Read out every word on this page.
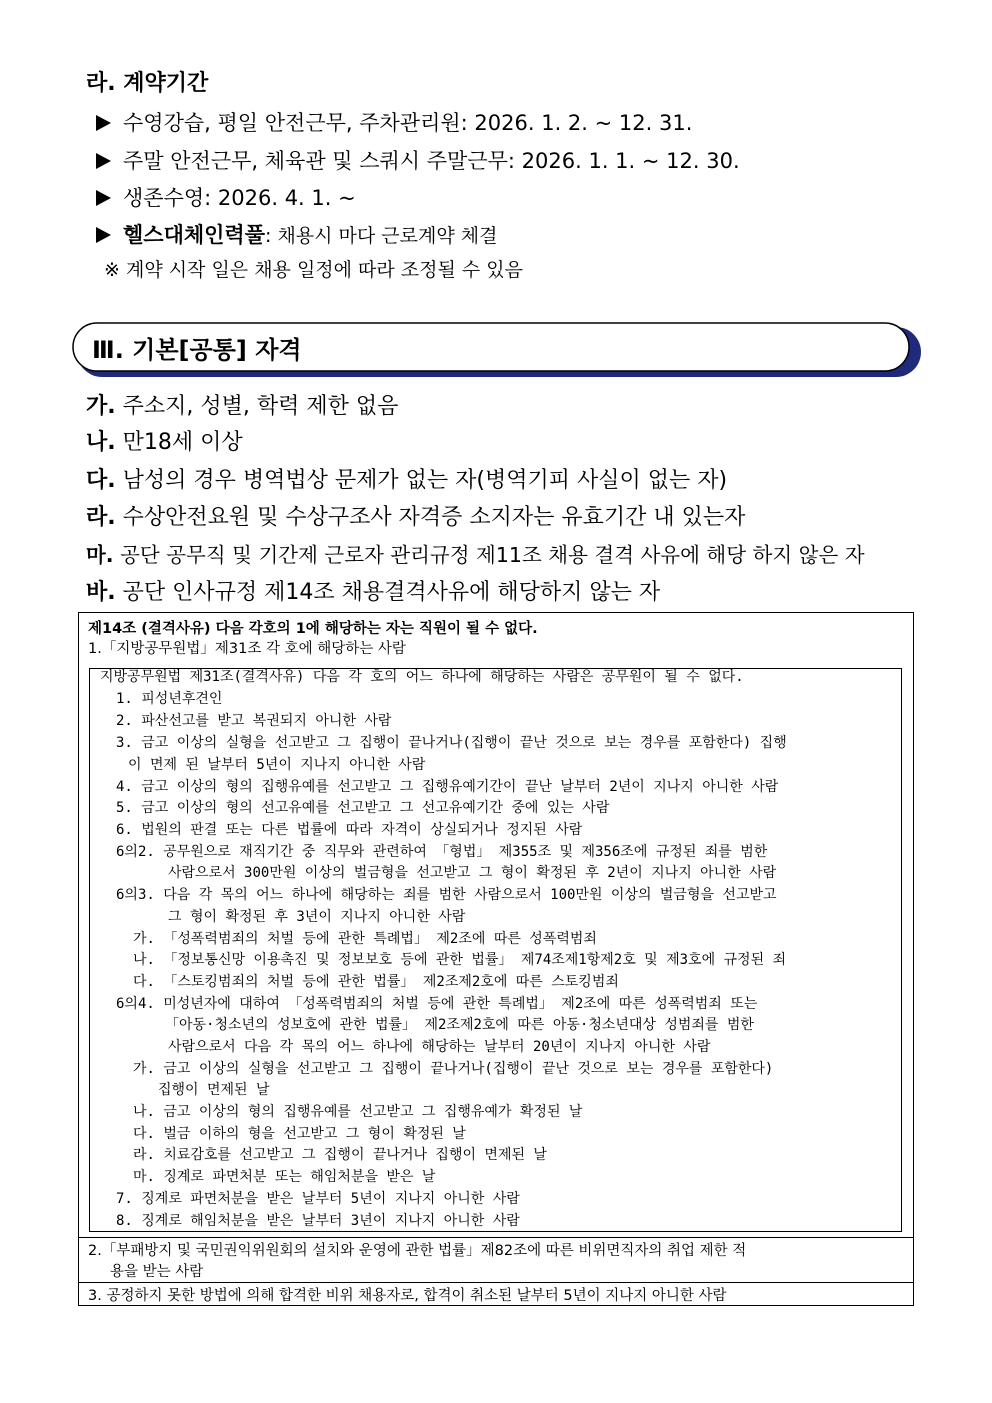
라. 계약기간
수영강습, 평일 안전근무, 주차관리원: 2026. 1. 2. ~ 12. 31.
주말 안전근무, 체육관 및 스쿼시 주말근무: 2026. 1. 1. ~ 12. 30.
생존수영: 2026. 4. 1. ~
헬스대체인력풀: 채용시 마다 근로계약 체결
※ 계약 시작 일은 채용 일정에 따라 조정될 수 있음
Ⅲ. 기본[공통] 자격
가. 주소지, 성별, 학력 제한 없음
나. 만18세 이상
다. 남성의 경우 병역법상 문제가 없는 자(병역기피 사실이 없는 자)
라. 수상안전요원 및 수상구조사 자격증 소지자는 유효기간 내 있는자
마. 공단 공무직 및 기간제 근로자 관리규정 제11조 채용 결격 사유에 해당 하지 않은 자
바. 공단 인사규정 제14조 채용결격사유에 해당하지 않는 자
제14조 (결격사유) 다음 각호의 1에 해당하는 자는 직원이 될 수 없다.
1.「지방공무원법」제31조 각 호에 해당하는 사람
지방공무원법 제31조(결격사유) 다음 각 호의 어느 하나에 해당하는 사람은 공무원이 될 수 없다.
1. 피성년후견인
2. 파산선고를 받고 복권되지 아니한 사람
3. 금고 이상의 실형을 선고받고 그 집행이 끝나거나(집행이 끝난 것으로 보는 경우를 포함한다) 집행
이 면제 된 날부터 5년이 지나지 아니한 사람
4. 금고 이상의 형의 집행유예를 선고받고 그 집행유예기간이 끝난 날부터 2년이 지나지 아니한 사람
5. 금고 이상의 형의 선고유예를 선고받고 그 선고유예기간 중에 있는 사람
6. 법원의 판결 또는 다른 법률에 따라 자격이 상실되거나 정지된 사람
6의2. 공무원으로 재직기간 중 직무와 관련하여 「형법」 제355조 및 제356조에 규정된 죄를 범한
사람으로서 300만원 이상의 벌금형을 선고받고 그 형이 확정된 후 2년이 지나지 아니한 사람
6의3. 다음 각 목의 어느 하나에 해당하는 죄를 범한 사람으로서 100만원 이상의 벌금형을 선고받고
그 형이 확정된 후 3년이 지나지 아니한 사람
가. 「성폭력범죄의 처벌 등에 관한 특례법」 제2조에 따른 성폭력범죄
나. 「정보통신망 이용촉진 및 정보보호 등에 관한 법률」 제74조제1항제2호 및 제3호에 규정된 죄
다. 「스토킹범죄의 처벌 등에 관한 법률」 제2조제2호에 따른 스토킹범죄
6의4. 미성년자에 대하여 「성폭력범죄의 처벌 등에 관한 특례법」 제2조에 따른 성폭력범죄 또는
「아동·청소년의 성보호에 관한 법률」 제2조제2호에 따른 아동·청소년대상 성범죄를 범한
사람으로서 다음 각 목의 어느 하나에 해당하는 날부터 20년이 지나지 아니한 사람
가. 금고 이상의 실형을 선고받고 그 집행이 끝나거나(집행이 끝난 것으로 보는 경우를 포함한다)
집행이 면제된 날
나. 금고 이상의 형의 집행유예를 선고받고 그 집행유예가 확정된 날
다. 벌금 이하의 형을 선고받고 그 형이 확정된 날
라. 치료감호를 선고받고 그 집행이 끝나거나 집행이 면제된 날
마. 징계로 파면처분 또는 해임처분을 받은 날
7. 징계로 파면처분을 받은 날부터 5년이 지나지 아니한 사람
8. 징계로 해임처분을 받은 날부터 3년이 지나지 아니한 사람
2.「부패방지 및 국민권익위원회의 설치와 운영에 관한 법률」제82조에 따른 비위면직자의 취업 제한 적
용을 받는 사람
3. 공정하지 못한 방법에 의해 합격한 비위 채용자로, 합격이 취소된 날부터 5년이 지나지 아니한 사람
